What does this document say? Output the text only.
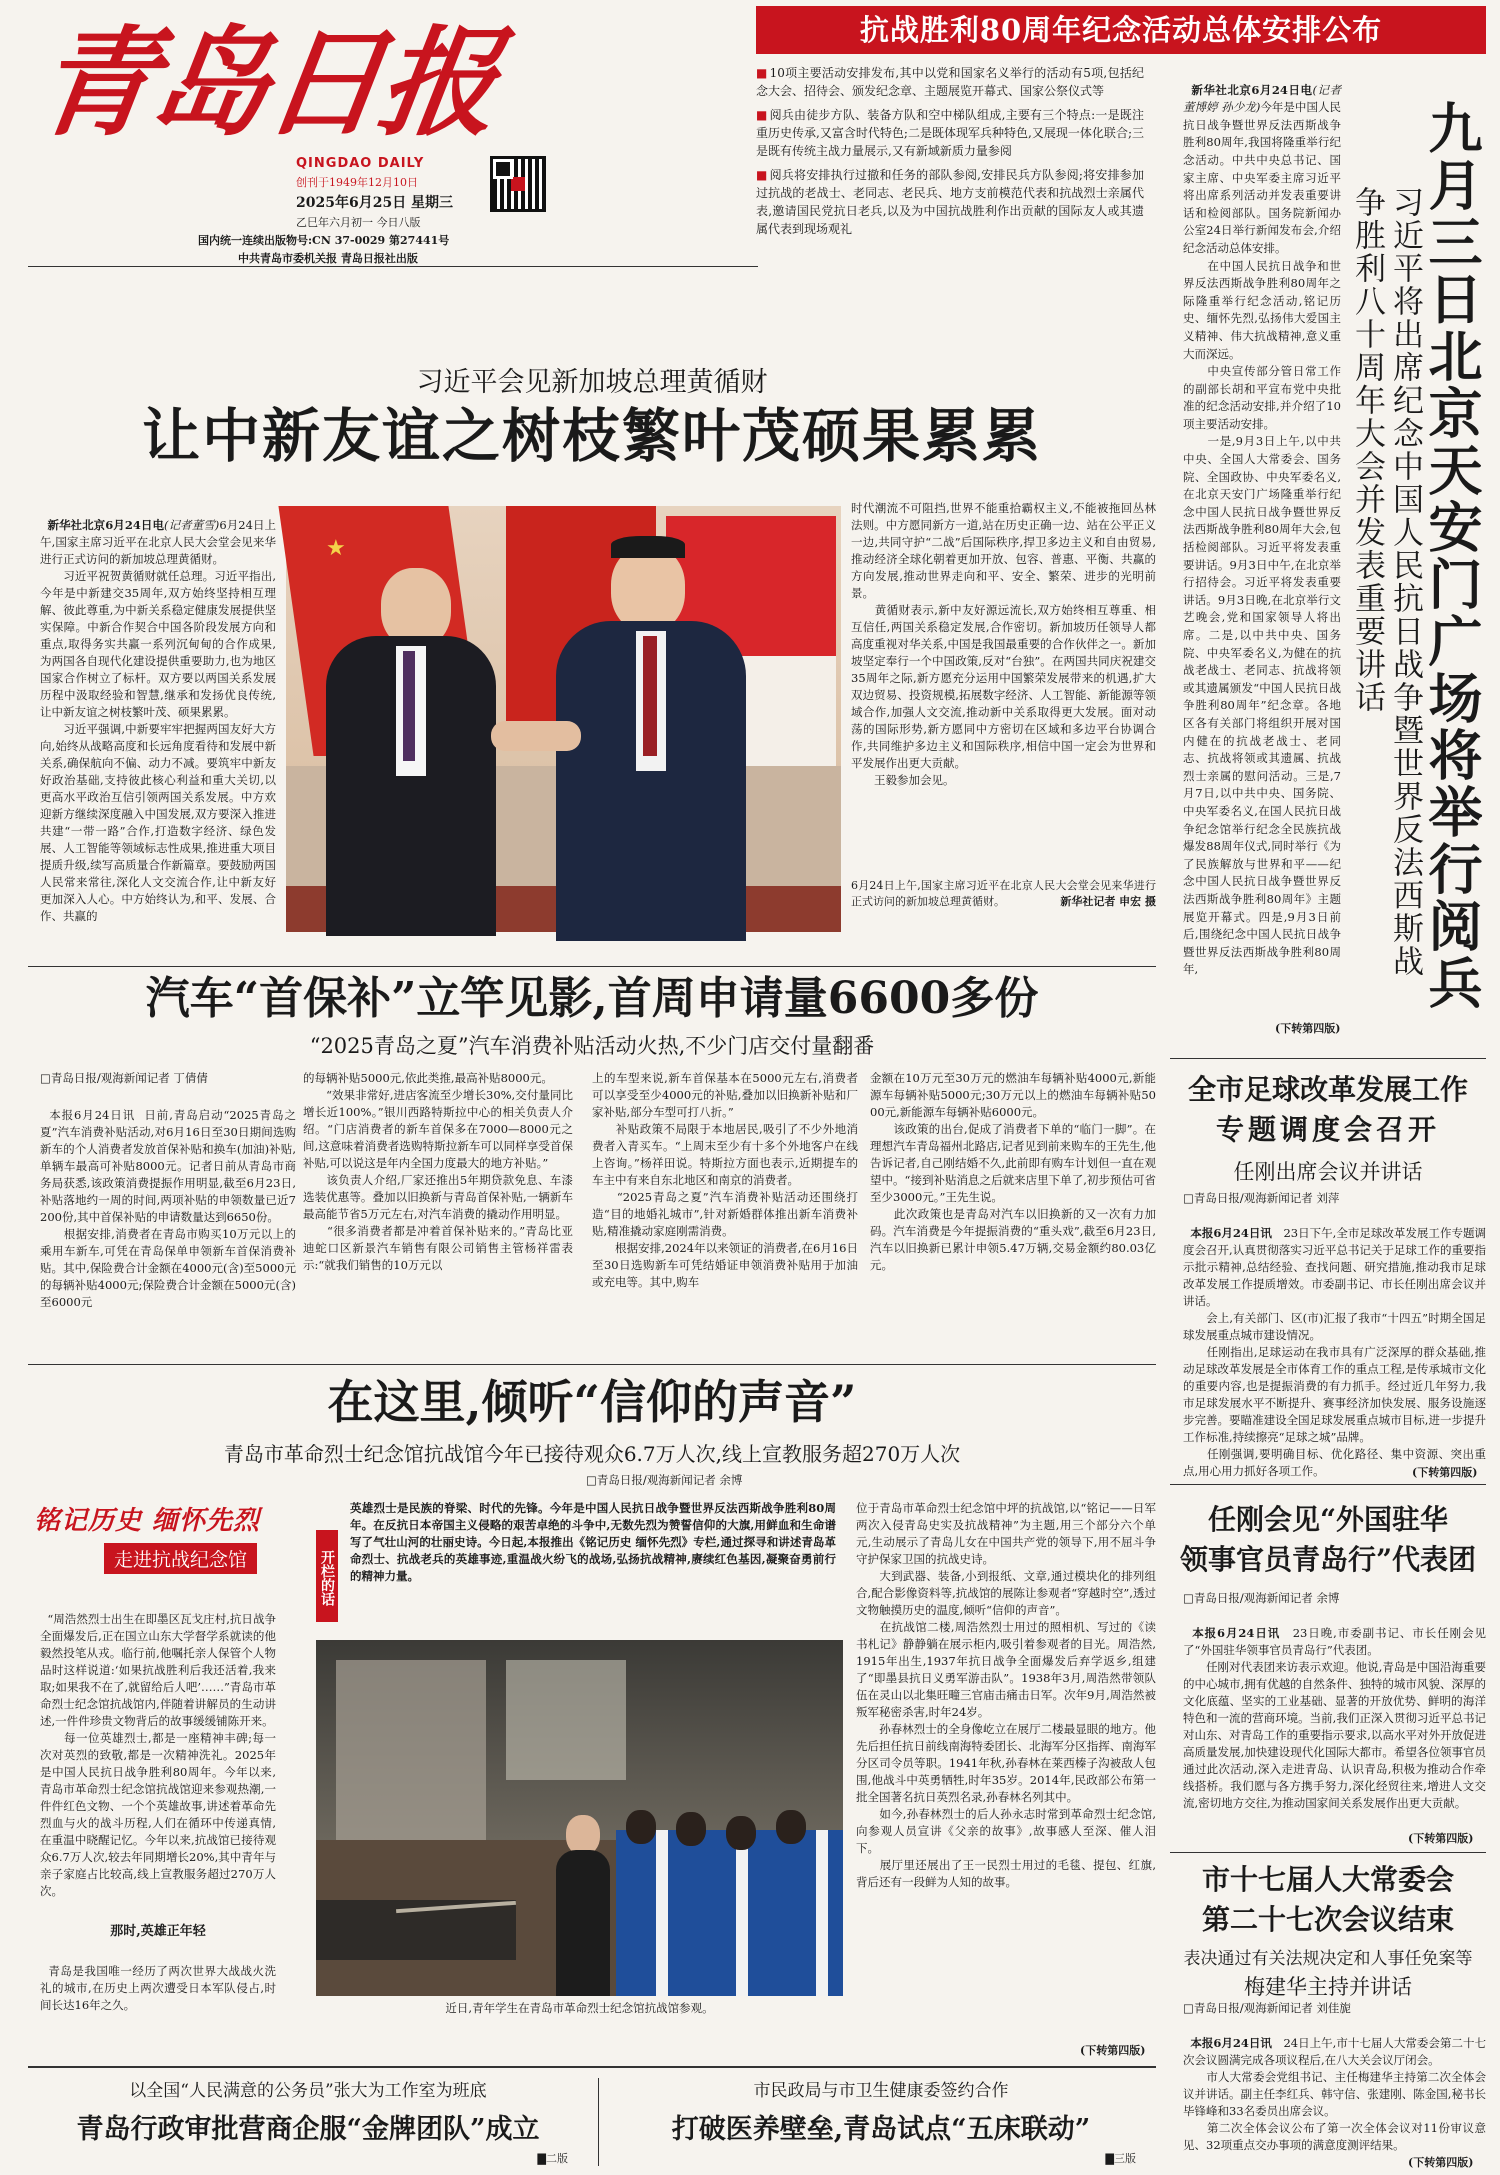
青岛日报
QINGDAO DAILY
创刊于1949年12月10日
2025年6月25日 星期三
乙巳年六月初一 今日八版
国内统一连续出版物号:CN 37-0029 第27441号
中共青岛市委机关报 青岛日报社出版
抗战胜利80周年纪念活动总体安排公布
■ 10项主要活动安排发布,其中以党和国家名义举行的活动有5项,包括纪念大会、招待会、颁发纪念章、主题展览开幕式、国家公祭仪式等
■ 阅兵由徒步方队、装备方队和空中梯队组成,主要有三个特点:一是既注重历史传承,又富含时代特色;二是既体现军兵种特色,又展现一体化联合;三是既有传统主战力量展示,又有新域新质力量参阅
■ 阅兵将安排执行过撤和任务的部队参阅,安排民兵方队参阅;将安排参加过抗战的老战士、老同志、老民兵、地方支前模范代表和抗战烈士亲属代表,邀请国民党抗日老兵,以及为中国抗战胜利作出贡献的国际友人或其遗属代表到现场观礼

新华社北京6月24日电(记者董博婷 孙少龙)今年是中国人民抗日战争暨世界反法西斯战争胜利80周年,我国将隆重举行纪念活动。中共中央总书记、国家主席、中央军委主席习近平将出席系列活动并发表重要讲话和检阅部队。国务院新闻办公室24日举行新闻发布会,介绍纪念活动总体安排。
　　在中国人民抗日战争和世界反法西斯战争胜利80周年之际隆重举行纪念活动,铭记历史、缅怀先烈,弘扬伟大爱国主义精神、伟大抗战精神,意义重大而深远。
　　中央宣传部分管日常工作的副部长胡和平宣布党中央批准的纪念活动安排,并介绍了10项主要活动安排。
　　一是,9月3日上午,以中共中央、全国人大常委会、国务院、全国政协、中央军委名义,在北京天安门广场隆重举行纪念中国人民抗日战争暨世界反法西斯战争胜利80周年大会,包括检阅部队。习近平将发表重要讲话。9月3日中午,在北京举行招待会。习近平将发表重要讲话。9月3日晚,在北京举行文艺晚会,党和国家领导人将出席。二是,以中共中央、国务院、中央军委名义,为健在的抗战老战士、老同志、抗战将领或其遗属颁发“中国人民抗日战争胜利80周年”纪念章。各地区各有关部门将组织开展对国内健在的抗战老战士、老同志、抗战将领或其遗属、抗战烈士亲属的慰问活动。三是,7月7日,以中共中央、国务院、中央军委名义,在国人民抗日战争纪念馆举行纪念全民族抗战爆发88周年仪式,同时举行《为了民族解放与世界和平——纪念中国人民抗日战争暨世界反法西斯战争胜利80周年》主题展览开幕式。四是,9月3日前后,围绕纪念中国人民抗日战争暨世界反法西斯战争胜利80周年,

(下转第四版)
九月三日北京天安门广场将举行阅兵
习近平将出席纪念中国人民抗日战争暨世界反法西斯战争胜利八十周年大会并发表重要讲话
习近平会见新加坡总理黄循财
让中新友谊之树枝繁叶茂硕果累累

新华社北京6月24日电(记者董雪)6月24日上午,国家主席习近平在北京人民大会堂会见来华进行正式访问的新加坡总理黄循财。
　　习近平祝贺黄循财就任总理。习近平指出,今年是中新建交35周年,双方始终坚持相互理解、彼此尊重,为中新关系稳定健康发展提供坚实保障。中新合作契合中国各阶段发展方向和重点,取得务实共赢一系列沉甸甸的合作成果,为两国各自现代化建设提供重要助力,也为地区国家合作树立了标杆。双方要以两国关系发展历程中汲取经验和智慧,继承和发扬优良传统,让中新友谊之树枝繁叶茂、硕果累累。
　　习近平强调,中新要牢牢把握两国友好大方向,始终从战略高度和长远角度看待和发展中新关系,确保航向不偏、动力不减。要筑牢中新友好政治基础,支持彼此核心利益和重大关切,以更高水平政治互信引领两国关系发展。中方欢迎新方继续深度融入中国发展,双方要深入推进共建“一带一路”合作,打造数字经济、绿色发展、人工智能等领域标志性成果,推进重大项目提质升级,续写高质量合作新篇章。要鼓励两国人民常来常往,深化人文交流合作,让中新友好更加深入人心。中方始终认为,和平、发展、合作、共赢的

★
时代潮流不可阻挡,世界不能重拾霸权主义,不能被拖回丛林法则。中方愿同新方一道,站在历史正确一边、站在公平正义一边,共同守护“二战”后国际秩序,捍卫多边主义和自由贸易,推动经济全球化朝着更加开放、包容、普惠、平衡、共赢的方向发展,推动世界走向和平、安全、繁荣、进步的光明前景。
　　黄循财表示,新中友好源远流长,双方始终相互尊重、相互信任,两国关系稳定发展,合作密切。新加坡历任领导人都高度重视对华关系,中国是我国最重要的合作伙伴之一。新加坡坚定奉行一个中国政策,反对“台独”。在两国共同庆祝建交35周年之际,新方愿充分运用中国繁荣发展带来的机遇,扩大双边贸易、投资规模,拓展数字经济、人工智能、新能源等领域合作,加强人文交流,推动新中关系取得更大发展。面对动荡的国际形势,新方愿同中方密切在区域和多边平台协调合作,共同维护多边主义和国际秩序,相信中国一定会为世界和平发展作出更大贡献。
　　王毅参加会见。
6月24日上午,国家主席习近平在北京人民大会堂会见来华进行正式访问的新加坡总理黄循财。	新华社记者 申宏 摄
汽车“首保补”立竿见影,首周申请量6600多份
“2025青岛之夏”汽车消费补贴活动火热,不少门店交付量翻番
□青岛日报/观海新闻记者 丁倩倩

本报6月24日讯  日前,青岛启动“2025青岛之夏”汽车消费补贴活动,对6月16日至30日期间选购新车的个人消费者发放首保补贴和换车(加油)补贴,单辆车最高可补贴8000元。记者日前从青岛市商务局获悉,该政策消费提振作用明显,截至6月23日,补贴落地约一周的时间,两项补贴的申领数量已近7200份,其中首保补贴的申请数量达到6650份。
　　根据安排,消费者在青岛市购买10万元以上的乘用车新车,可凭在青岛保单申领新车首保消费补贴。其中,保险费合计金额在4000元(含)至5000元的每辆补贴4000元;保险费合计金额在5000元(含)至6000元

的每辆补贴5000元,依此类推,最高补贴8000元。
　　“效果非常好,进店客流至少增长30%,交付量同比增长近100%。”银川西路特斯拉中心的相关负责人介绍。“门店消费者的新车首保多在7000—8000元之间,这意味着消费者选购特斯拉新车可以同样享受首保补贴,可以说这是年内全国力度最大的地方补贴。”
　　该负责人介绍,厂家还推出5年期贷款免息、车漆选装优惠等。叠加以旧换新与青岛首保补贴,一辆新车最高能节省5万元左右,对汽车消费的撬动作用明显。
　　“很多消费者都是冲着首保补贴来的。”青岛比亚迪蛇口区新景汽车销售有限公司销售主管杨祥雷表示:“就我们销售的10万元以
上的车型来说,新车首保基本在5000元左右,消费者可以享受至少4000元的补贴,叠加以旧换新补贴和厂家补贴,部分车型可打八折。”
　　补贴政策不局限于本地居民,吸引了不少外地消费者入青买车。“上周末至少有十多个外地客户在线上咨询。”杨祥田说。特斯拉方面也表示,近期提车的车主中有来自东北地区和南京的消费者。
　　“2025青岛之夏”汽车消费补贴活动还围绕打造“目的地婚礼城市”,针对新婚群体推出新车消费补贴,精准撬动家庭刚需消费。
　　根据安排,2024年以来领证的消费者,在6月16日至30日选购新车可凭结婚证申领消费补贴用于加油或充电等。其中,购车
金额在10万元至30万元的燃油车每辆补贴4000元,新能源车每辆补贴5000元;30万元以上的燃油车每辆补贴5000元,新能源车每辆补贴6000元。
　　该政策的出台,促成了消费者下单的“临门一脚”。在理想汽车青岛福州北路店,记者见到前来购车的王先生,他告诉记者,自己刚结婚不久,此前即有购车计划但一直在观望中。“接到补贴消息之后就来店里下单了,初步预估可省至少3000元。”王先生说。
　　此次政策也是青岛对汽车以旧换新的又一次有力加码。汽车消费是今年提振消费的“重头戏”,截至6月23日,汽车以旧换新已累计申领5.47万辆,交易金额约80.03亿元。
全市足球改革发展工作
专题调度会召开
任刚出席会议并讲话
□青岛日报/观海新闻记者 刘萍

本报6月24日讯　 23日下午,全市足球改革发展工作专题调度会召开,认真贯彻落实习近平总书记关于足球工作的重要指示批示精神,总结经验、查找问题、研究措施,推动我市足球改革发展工作提质增效。市委副书记、市长任刚出席会议并讲话。
　　会上,有关部门、区(市)汇报了我市“十四五”时期全国足球发展重点城市建设情况。
　　任刚指出,足球运动在我市具有广泛深厚的群众基础,推动足球改革发展是全市体育工作的重点工程,是传承城市文化的重要内容,也是提振消费的有力抓手。经过近几年努力,我市足球发展水平不断提升、赛事经济加快发展、服务设施逐步完善。要瞄准建设全国足球发展重点城市目标,进一步提升工作标准,持续擦亮“足球之城”品牌。
　　任刚强调,要明确目标、优化路径、集中资源、突出重点,用心用力抓好各项工作。	(下转第四版)
在这里,倾听“信仰的声音”
青岛市革命烈士纪念馆抗战馆今年已接待观众6.7万人次,线上宣教服务超270万人次
□青岛日报/观海新闻记者 余博
铭记历史 缅怀先烈
走进抗战纪念馆

“周浩然烈士出生在即墨区瓦戈庄村,抗日战争全面爆发后,正在国立山东大学督学系就读的他毅然投笔从戎。临行前,他嘱托亲人保管个人物品时这样说道:‘如果抗战胜利后我还活着,我来取;如果我不在了,就留给后人吧’……”青岛市革命烈士纪念馆抗战馆内,伴随着讲解员的生动讲述,一件件珍贵文物背后的故事缓缓铺陈开来。
　　每一位英雄烈士,都是一座精神丰碑;每一次对英烈的致敬,都是一次精神洗礼。2025年是中国人民抗日战争胜利80周年。今年以来,青岛市革命烈士纪念馆抗战馆迎来参观热潮,一件件红色文物、一个个英雄故事,讲述着革命先烈血与火的战斗历程,人们在循环中传递真情,在重温中晓醒记忆。今年以来,抗战馆已接待观众6.7万人次,较去年同期增长20%,其中青年与亲子家庭占比较高,线上宣教服务超过270万人次。

那时,英雄正年轻

青岛是我国唯一经历了两次世界大战战火洗礼的城市,在历史上两次遭受日本军队侵占,时间长达16年之久。

开栏的话
英雄烈士是民族的脊梁、时代的先锋。今年是中国人民抗日战争暨世界反法西斯战争胜利80周年。在反抗日本帝国主义侵略的艰苦卓绝的斗争中,无数先烈为赞誓信仰的大旗,用鲜血和生命谱写了气壮山河的壮丽史诗。今日起,本报推出《铭记历史 缅怀先烈》专栏,通过探寻和讲述青岛革命烈士、抗战老兵的英雄事迹,重温战火纷飞的战场,弘扬抗战精神,赓续红色基因,凝聚奋勇前行的精神力量。
近日,青年学生在青岛市革命烈士纪念馆抗战馆参观。
位于青岛市革命烈士纪念馆中坪的抗战馆,以“铭记——日军两次入侵青岛史实及抗战精神”为主题,用三个部分六个单元,生动展示了青岛儿女在中国共产党的领导下,用不屈斗争守护保家卫国的抗战史诗。
　　大到武器、装备,小到报纸、文章,通过模块化的排列组合,配合影像资料等,抗战馆的展陈让参观者“穿越时空”,透过文物触摸历史的温度,倾听“信仰的声音”。
　　在抗战馆二楼,周浩然烈士用过的照相机、写过的《读书札记》静静躺在展示柜内,吸引着参观者的目光。周浩然,1915年出生,1937年抗日战争全面爆发后弃学返乡,组建了“即墨县抗日义勇军游击队”。1938年3月,周浩然带领队伍在灵山以北集旺疃三官庙击痛击日军。次年9月,周浩然被叛军秘密杀害,时年24岁。
　　孙春林烈士的全身像屹立在展厅二楼最显眼的地方。他先后担任抗日前线南海特委团长、北海军分区指挥、南海军分区司令员等职。1941年秋,孙春林在莱西榛子沟被敌人包围,他战斗中英勇牺牲,时年35岁。2014年,民政部公布第一批全国著名抗日英烈名录,孙春林名列其中。
　　如今,孙春林烈士的后人孙永志时常到革命烈士纪念馆,向参观人员宣讲《父亲的故事》,故事感人至深、催人泪下。
　　展厅里还展出了王一民烈士用过的毛毯、提包、红旗,背后还有一段鲜为人知的故事。
(下转第四版)
任刚会见“外国驻华
领事官员青岛行”代表团
□青岛日报/观海新闻记者 余博

本报6月24日讯　 23日晚,市委副书记、市长任刚会见了“外国驻华领事官员青岛行”代表团。
　　任刚对代表团来访表示欢迎。他说,青岛是中国沿海重要的中心城市,拥有优越的自然条件、独特的城市风貌、深厚的文化底蕴、坚实的工业基础、显著的开放优势、鲜明的海洋特色和一流的营商环境。当前,我们正深入贯彻习近平总书记对山东、对青岛工作的重要指示要求,以高水平对外开放促进高质量发展,加快建设现代化国际大都市。希望各位领事官员通过此次活动,深入走进青岛、认识青岛,积极为推动合作牵线搭桥。我们愿与各方携手努力,深化经贸往来,增进人文交流,密切地方交往,为推动国家间关系发展作出更大贡献。

(下转第四版)
市十七届人大常委会
第二十七次会议结束
表决通过有关法规决定和人事任免案等
梅建华主持并讲话
□青岛日报/观海新闻记者 刘佳旎

本报6月24日讯　 24日上午,市十七届人大常委会第二十七次会议圆满完成各项议程后,在八大关会议厅闭会。
　　市人大常委会党组书记、主任梅建华主持第二次全体会议并讲话。副主任李红兵、韩守信、张建刚、陈金国,秘书长毕锋峰和33名委员出席会议。
　　第二次全体会议公布了第一次全体会议对11份审议意见、32项重点交办事项的满意度测评结果。

(下转第四版)
以全国“人民满意的公务员”张大为工作室为班底
青岛行政审批营商企服“金牌团队”成立
▇二版
市民政局与市卫生健康委签约合作
打破医养壁垒,青岛试点“五床联动”
▇三版
